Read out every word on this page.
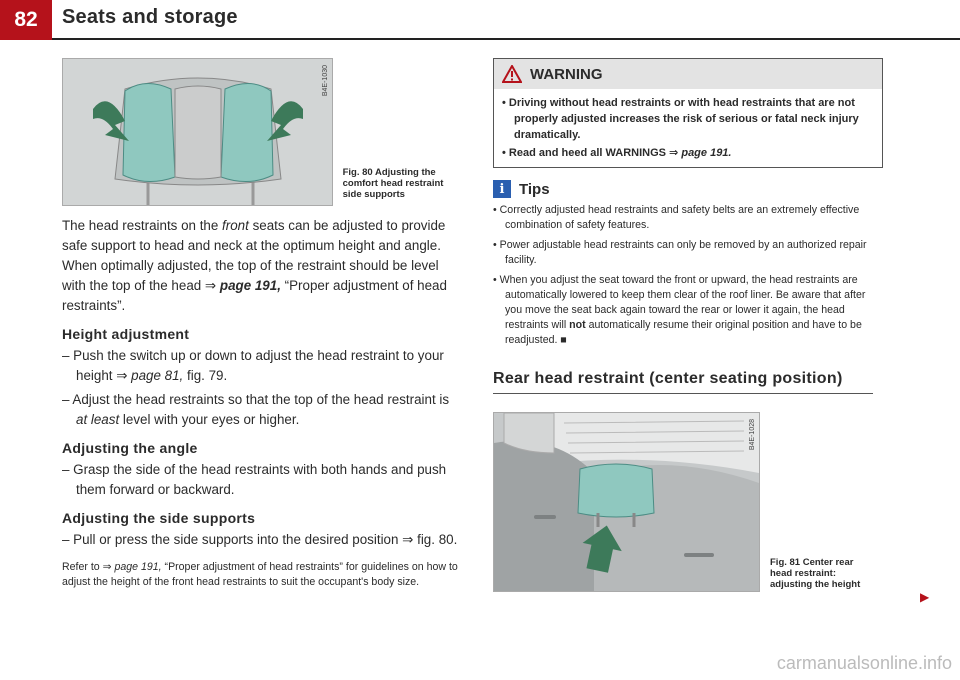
82	Seats and storage
B4E-1030
Fig. 80 Adjusting the comfort head restraint side supports

The head restraints on the front seats can be adjusted to provide safe support to head and neck at the optimum height and angle. When optimally adjusted, the top of the restraint should be level with the top of the head ⇒ page 191, “Proper adjustment of head restraints”.

Height adjustment
– Push the switch up or down to adjust the head restraint to your height ⇒ page 81, fig. 79.
– Adjust the head restraints so that the top of the head restraint is at least level with your eyes or higher.
Adjusting the angle
– Grasp the side of the head restraints with both hands and push them forward or backward.
Adjusting the side supports
– Pull or press the side supports into the desired position ⇒ fig. 80.

Refer to ⇒ page 191, “Proper adjustment of head restraints” for guidelines on how to adjust the height of the front head restraints to suit the occupant's body size.

WARNING
• Driving without head restraints or with head restraints that are not properly adjusted increases the risk of serious or fatal neck injury dramatically.
• Read and heed all WARNINGS ⇒ page 191.
i Tips
• Correctly adjusted head restraints and safety belts are an extremely effective combination of safety features.
• Power adjustable head restraints can only be removed by an authorized repair facility.
• When you adjust the seat toward the front or upward, the head restraints are automatically lowered to keep them clear of the roof liner. Be aware that after you move the seat back again toward the rear or lower it again, the head restraints will not automatically resume their original position and have to be readjusted. ■
Rear head restraint (center seating position)
B4E-1028
Fig. 81 Center rear head restraint: adjusting the height
▶
carmanualsonline.info
